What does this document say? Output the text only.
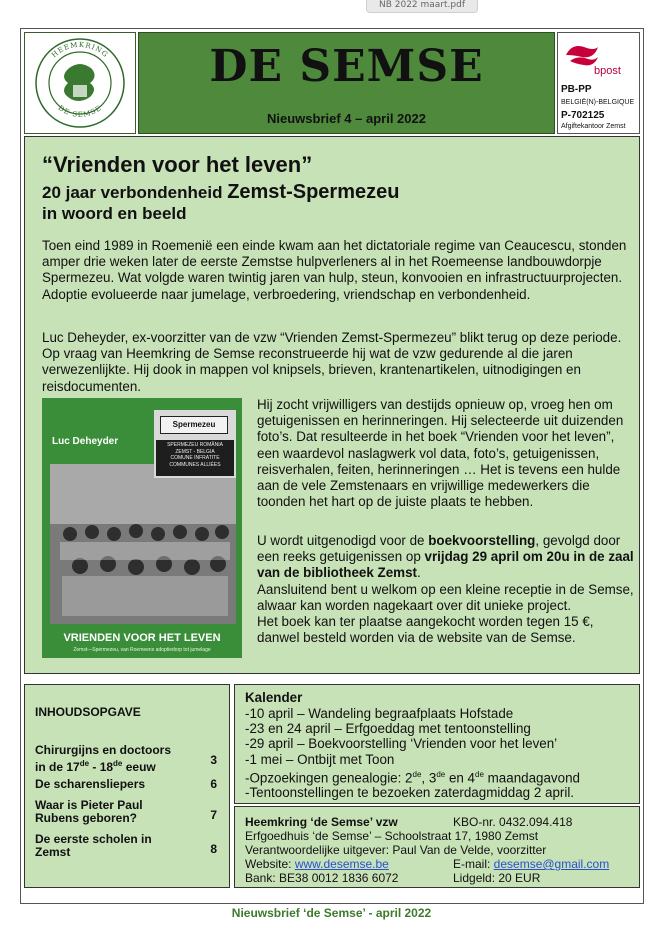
NB 2022 maart.pdf
HEEMKRING
DE SEMSE
DE SEMSE
Nieuwsbrief 4 – april 2022
bpost
PB-PP
BELGIË(N)-BELGIQUE
P-702125
Afgiftekantoor Zemst
“Vrienden voor het leven”
20 jaar verbondenheid Zemst-Spermezeu
in woord en beeld
Toen eind 1989 in Roemenië een einde kwam aan het dictatoriale regime van Ceaucescu, stonden amper drie weken later de eerste Zemstse hulpverleners al in het Roemeense landbouwdorpje Spermezeu. Wat volgde waren twintig jaren van hulp, steun, konvooien en infrastructuurprojecten. Adoptie evolueerde naar jumelage, verbroedering, vriendschap en verbondenheid.
Luc Deheyder, ex-voorzitter van de vzw “Vrienden Zemst-Spermezeu” blikt terug op deze periode. Op vraag van Heemkring de Semse reconstrueerde hij wat de vzw gedurende al die jaren verwezenlijkte. Hij dook in mappen vol knipsels, brieven, krantenartikelen, uitnodigingen en reisdocumenten.
Luc Deheyder
Spermezeu
SPERMEZEU ROMÂNIA
ZEMST - BELGIA
COMUNE INFRATITE
COMMUNES ALLIÉES
VRIENDEN VOOR HET LEVEN
Zemst—Spermezeu, van Roemeens adoptiedorp tot jumelage
Hij zocht vrijwilligers van destijds opnieuw op, vroeg hen om getuigenissen en herinneringen. Hij selecteerde uit duizenden foto’s. Dat resulteerde in het boek “Vrienden voor het leven”, een waardevol naslagwerk vol data, foto’s, getuigenissen, reisverhalen, feiten, herinneringen … Het is tevens een hulde aan de vele Zemstenaars en vrijwillige medewerkers die toonden het hart op de juiste plaats te hebben.
U wordt uitgenodigd voor de boekvoorstelling, gevolgd door een reeks getuigenissen op vrijdag 29 april om 20u in de zaal van de bibliotheek Zemst.
Aansluitend bent u welkom op een kleine receptie in de Semse, alwaar kan worden nagekaart over dit unieke project.
Het boek kan ter plaatse aangekocht worden tegen 15 €, danwel besteld worden via de website van de Semse.
INHOUDSOPGAVE
Chirurgijns en doctoors
in de 17de - 18de eeuw	3
De scharensliepers	6
Waar is Pieter Paul
Rubens geboren?	7
De eerste scholen in
Zemst	8
Kalender
-10 april – Wandeling begraafplaats Hofstade
-23 en 24 april – Erfgoeddag met tentoonstelling
-29 april – Boekvoorstelling ‘Vrienden voor het leven’
-1 mei – Ontbijt met Toon
-Opzoekingen genealogie: 2de, 3de en 4de maandagavond
-Tentoonstellingen te bezoeken zaterdagmiddag 2 april.
Heemkring ‘de Semse’ vzw	KBO-nr. 0432.094.418
Erfgoedhuis ‘de Semse’ – Schoolstraat 17, 1980 Zemst
Verantwoordelijke uitgever: Paul Van de Velde, voorzitter
Website: www.desemse.be	E-mail: desemse@gmail.com
Bank: BE38 0012 1836 6072	Lidgeld: 20 EUR
Nieuwsbrief ‘de Semse’ - april 2022
